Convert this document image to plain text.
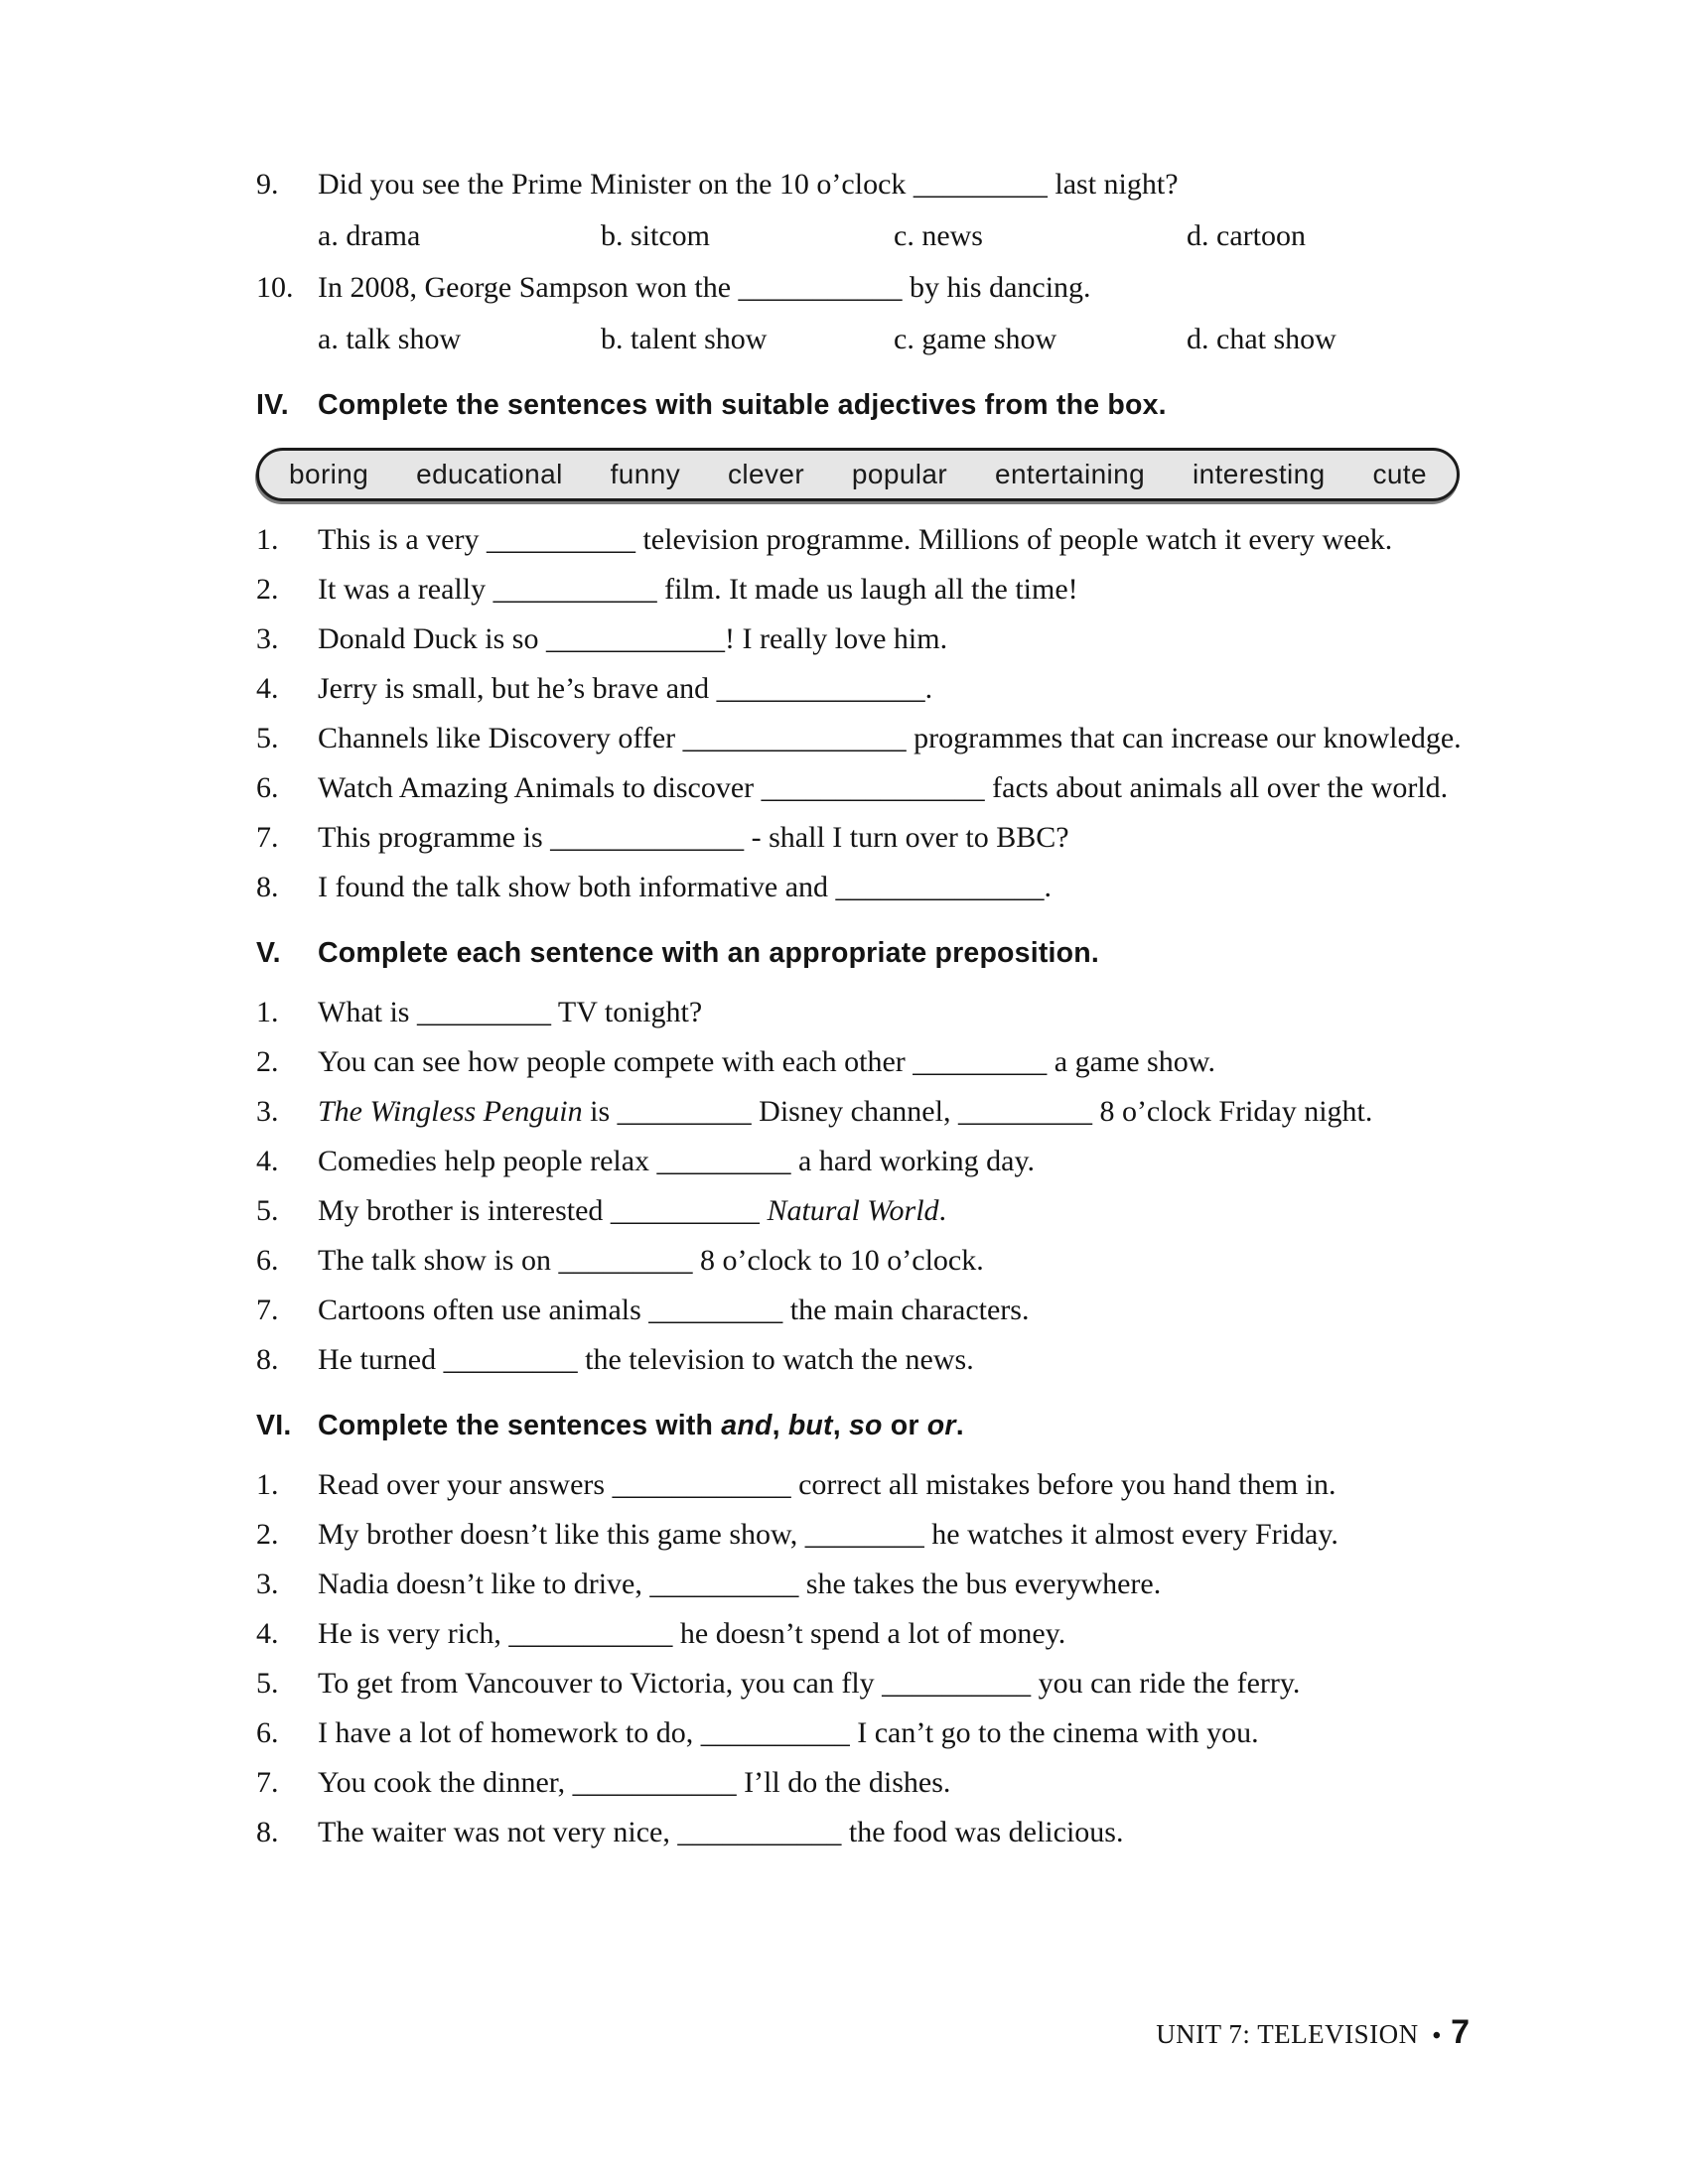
9.	Did you see the Prime Minister on the 10 o’clock _________ last night?
a. drama	b. sitcom	c. news	d. cartoon
10. In 2008, George Sampson won the ___________ by his dancing.
a. talk show	b. talent show	c. game show	d. chat show
IV.	Complete the sentences with suitable adjectives from the box.
boring educational funny clever popular entertaining interesting cute
1.	This is a very __________ television programme. Millions of people watch it every week.
2.	It was a really ___________ film. It made us laugh all the time!
3.	Donald Duck is so ____________! I really love him.
4.	Jerry is small, but he’s brave and ______________.
5.	Channels like Discovery offer _______________ programmes that can increase our knowledge.
6.	Watch Amazing Animals to discover _______________ facts about animals all over the world.
7.	This programme is _____________ - shall I turn over to BBC?
8.	I found the talk show both informative and ______________.
V.	Complete each sentence with an appropriate preposition.
1.	What is _________ TV tonight?
2.	You can see how people compete with each other _________ a game show.
3.	The Wingless Penguin is _________ Disney channel, _________ 8 o’clock Friday night.
4.	Comedies help people relax _________ a hard working day.
5.	My brother is interested __________ Natural World.
6.	The talk show is on _________ 8 o’clock to 10 o’clock.
7.	Cartoons often use animals _________ the main characters.
8.	He turned _________ the television to watch the news.
VI. Complete the sentences with and, but, so or or.
1.	Read over your answers ____________ correct all mistakes before you hand them in.
2.	My brother doesn’t like this game show, ________ he watches it almost every Friday.
3.	Nadia doesn’t like to drive, __________ she takes the bus everywhere.
4.	He is very rich, ___________ he doesn’t spend a lot of money.
5.	To get from Vancouver to Victoria, you can fly __________ you can ride the ferry.
6.	I have a lot of homework to do, __________ I can’t go to the cinema with you.
7.	You cook the dinner, ___________ I’ll do the dishes.
8.	The waiter was not very nice, ___________ the food was delicious.
UNIT 7: TELEVISION • 7
